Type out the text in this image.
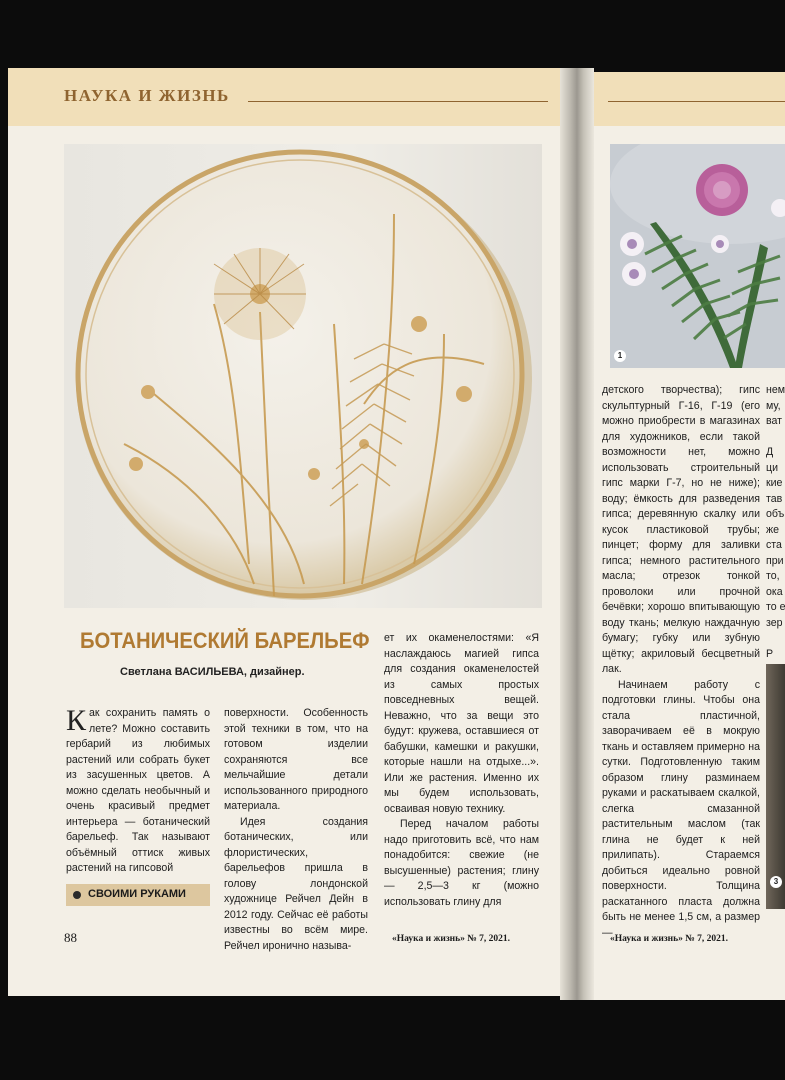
НАУКА И ЖИЗНЬ
БОТАНИЧЕСКИЙ БАРЕЛЬЕФ
Светлана ВАСИЛЬЕВА, дизайнер.
Как сохранить память о лете? Можно составить гербарий из любимых растений или собрать букет из засушенных цветов. А можно сделать необычный и очень красивый предмет интерьера — ботанический барельеф. Так называют объёмный оттиск живых растений на гипсовой
СВОИМИ РУКАМИ

поверхности. Особенность этой техники в том, что на готовом изделии сохраняются все мельчайшие детали использованного природного материала.

Идея создания ботанических, или флористических, барельефов пришла в голову лондонской художнице Рейчел Дейн в 2012 году. Сейчас её работы известны во всём мире. Рейчел иронично называ-

ет их окаменелостями: «Я наслаждаюсь магией гипса для создания окаменелостей из самых простых повседневных вещей. Неважно, что за вещи это будут: кружева, оставшиеся от бабушки, камешки и ракушки, которые нашли на отдыхе...». Или же растения. Именно их мы будем использовать, осваивая новую технику.

Перед началом работы надо приготовить всё, что нам понадобится: свежие (не высушенные) растения; глину — 2,5—3 кг (можно использовать глину для

88	«Наука и жизнь» № 7, 2021.
1

детского творчества); гипс скульптурный Г-16, Г-19 (его можно приобрести в магазинах для художников, если такой возможности нет, можно использовать строительный гипс марки Г-7, но не ниже); воду; ёмкость для разведения гипса; деревянную скалку или кусок пластиковой трубы; пинцет; форму для заливки гипса; немного растительного масла; отрезок тонкой проволоки или прочной бечёвки; хорошо впитывающую воду ткань; мелкую наждачную бумагу; губку или зубную щётку; акриловый бесцветный лак.

Начинаем работу с подготовки глины. Чтобы она стала пластичной, заворачиваем её в мокрую ткань и оставляем примерно на сутки. Подготовленную таким образом глину разминаем руками и раскатываем скалкой, слегка смазанной растительным маслом (так глина не будет к ней прилипать). Стараемся добиться идеально ровной поверхности. Толщина раскатанного пласта должна быть не менее 1,5 см, а размер —

нем
му,
ват

Д
ци
кие
тав
объ
же
ста
при
то,
ока
то е
зер

Р
3
«Наука и жизнь» № 7, 2021.
